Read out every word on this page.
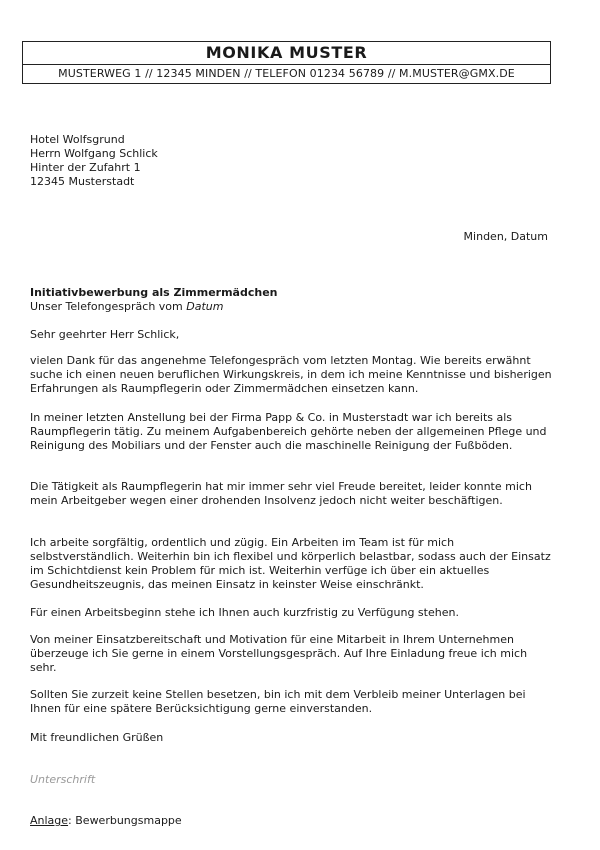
MONIKA MUSTER
MUSTERWEG 1 // 12345 MINDEN // TELEFON 01234 56789 // M.MUSTER@GMX.DE
Hotel Wolfsgrund
Herrn Wolfgang Schlick
Hinter der Zufahrt 1
12345 Musterstadt
Minden, Datum
Initiativbewerbung als Zimmermädchen
Unser Telefongespräch vom Datum

Sehr geehrter Herr Schlick,

vielen Dank für das angenehme Telefongespräch vom letzten Montag. Wie bereits erwähnt suche ich einen neuen beruflichen Wirkungskreis, in dem ich meine Kenntnisse und bisherigen Erfahrungen als Raumpflegerin oder Zimmermädchen einsetzen kann.

In meiner letzten Anstellung bei der Firma Papp & Co. in Musterstadt war ich bereits als Raumpflegerin tätig. Zu meinem Aufgabenbereich gehörte neben der allgemeinen Pflege und Reinigung des Mobiliars und der Fenster auch die maschinelle Reinigung der Fußböden.

Die Tätigkeit als Raumpflegerin hat mir immer sehr viel Freude bereitet, leider konnte mich mein Arbeitgeber wegen einer drohenden Insolvenz jedoch nicht weiter beschäftigen.

Ich arbeite sorgfältig, ordentlich und zügig. Ein Arbeiten im Team ist für mich selbstverständlich. Weiterhin bin ich flexibel und körperlich belastbar, sodass auch der Einsatz im Schichtdienst kein Problem für mich ist. Weiterhin verfüge ich über ein aktuelles Gesundheitszeugnis, das meinen Einsatz in keinster Weise einschränkt.

Für einen Arbeitsbeginn stehe ich Ihnen auch kurzfristig zu Verfügung stehen.

Von meiner Einsatzbereitschaft und Motivation für eine Mitarbeit in Ihrem Unternehmen überzeuge ich Sie gerne in einem Vorstellungsgespräch. Auf Ihre Einladung freue ich mich sehr.

Sollten Sie zurzeit keine Stellen besetzen, bin ich mit dem Verbleib meiner Unterlagen bei Ihnen für eine spätere Berücksichtigung gerne einverstanden.

Mit freundlichen Grüßen

Unterschrift

Anlage: Bewerbungsmappe
